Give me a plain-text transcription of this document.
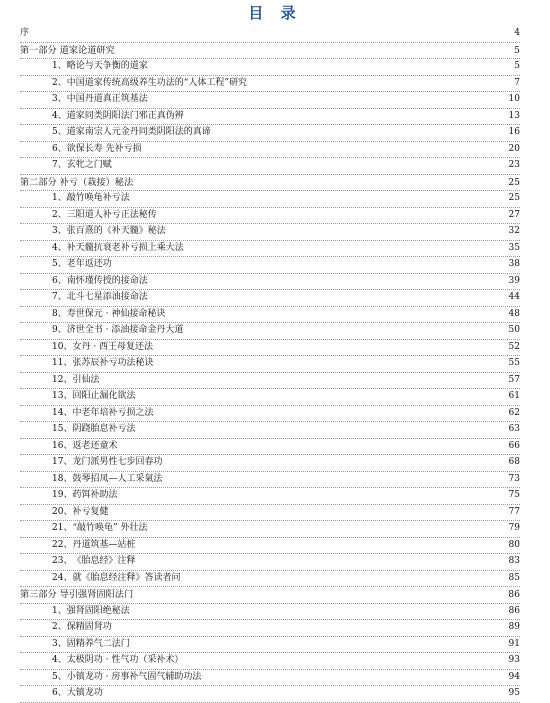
目 录
序	4
第一部分 道家论道研究	5
1、略论与天争衡的道家	5
2、中国道家传统高级养生功法的“人体工程”研究	7
3、中国丹道真正筑基法	10
4、道家同类阴阳法门邪正真伪辨	13
5、道家南宗人元金丹同类阴阳法的真谛	16
6、欲保长寿 先补亏损	20
7、玄牝之门赋	23
第二部分 补亏（栽接）秘法	25
1、敲竹唤龟补亏法	25
2、三阳道人补亏正法秘传	27
3、张百熹的《补天髓》秘法	32
4、补天髓抗衰老补亏损上乘大法	35
5、老年返还功	38
6、南怀瑾传授的接命法	39
7、北斗七星添油接命法	44
8、寿世保元 · 神仙接命秘诀	48
9、济世全书 · 添油接命金丹大道	50
10、女丹 · 西王母复还法	52
11、张苏辰补亏功法秘诀	55
12、引仙法	57
13、回阳止漏化欲法	61
14、中老年培补亏损之法	62
15、阴跷胎息补亏法	63
16、返老还童术	66
17、龙门派男性七步回春功	68
18、鼓琴招凤—人工采氣法	73
19、药饵补助法	75
20、补亏复健	77
21、“敲竹唤龟” 外壮法	79
22、丹道筑基—站桩	80
23、《胎息经》注释	83
24、就《胎息经注释》答读者问	85
第三部分 导引强肾固阳法门	86
1、强肾固阳绝秘法	86
2、保精固肾功	89
3、固精养气二法门	91
4、太极阴功 · 性气功（采补术）	93
5、小镇龙功 · 房事补气固气辅助功法	94
6、大镇龙功	95
